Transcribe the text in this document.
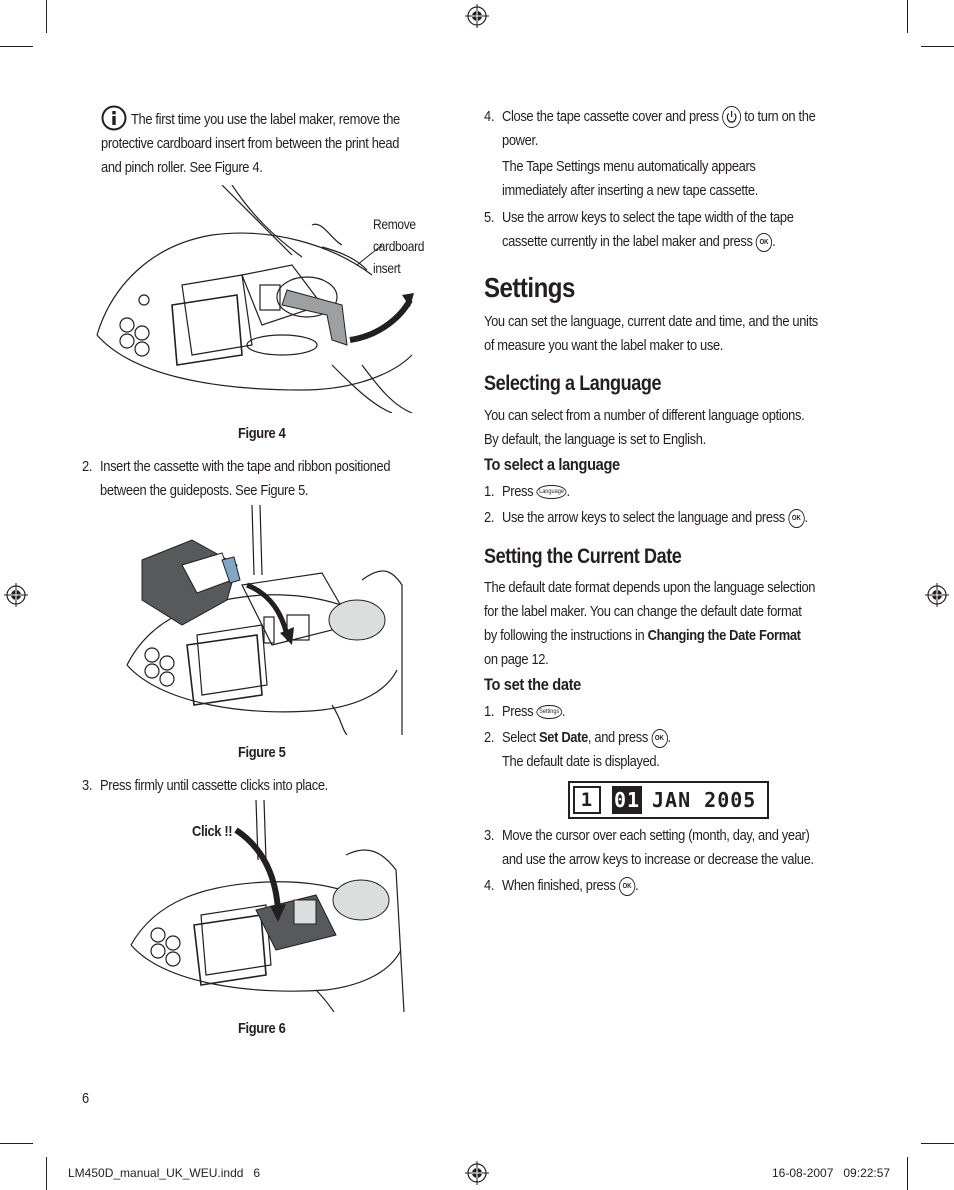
The first time you use the label maker, remove the
protective cardboard insert from between the print head
and pinch roller. See Figure 4.
Remove
cardboard
insert
Figure 4
2. Insert the cassette with the tape and ribbon positioned
between the guideposts. See Figure 5.
Figure 5
3. Press firmly until cassette clicks into place.
Click !!
Figure 6
6
4. Close the tape cassette cover and press to turn on the
power.
The Tape Settings menu automatically appears
immediately after inserting a new tape cassette.
5. Use the arrow keys to select the tape width of the tape
cassette currently in the label maker and press OK .
Settings
You can set the language, current date and time, and the units
of measure you want the label maker to use.
Selecting a Language
You can select from a number of different language options.
By default, the language is set to English.
To select a language
1. Press Language .
2. Use the arrow keys to select the language and press OK .
Setting the Current Date
The default date format depends upon the language selection
for the label maker. You can change the default date format
by following the instructions in Changing the Date Format
on page 12.
To set the date
1. Press Settings .
2. Select Set Date, and press OK .
The default date is displayed.
1	01 JAN 2005
3. Move the cursor over each setting (month, day, and year)
and use the arrow keys to increase or decrease the value.
4. When finished, press OK .
LM450D_manual_UK_WEU.indd   6	16-08-2007   09:22:57
